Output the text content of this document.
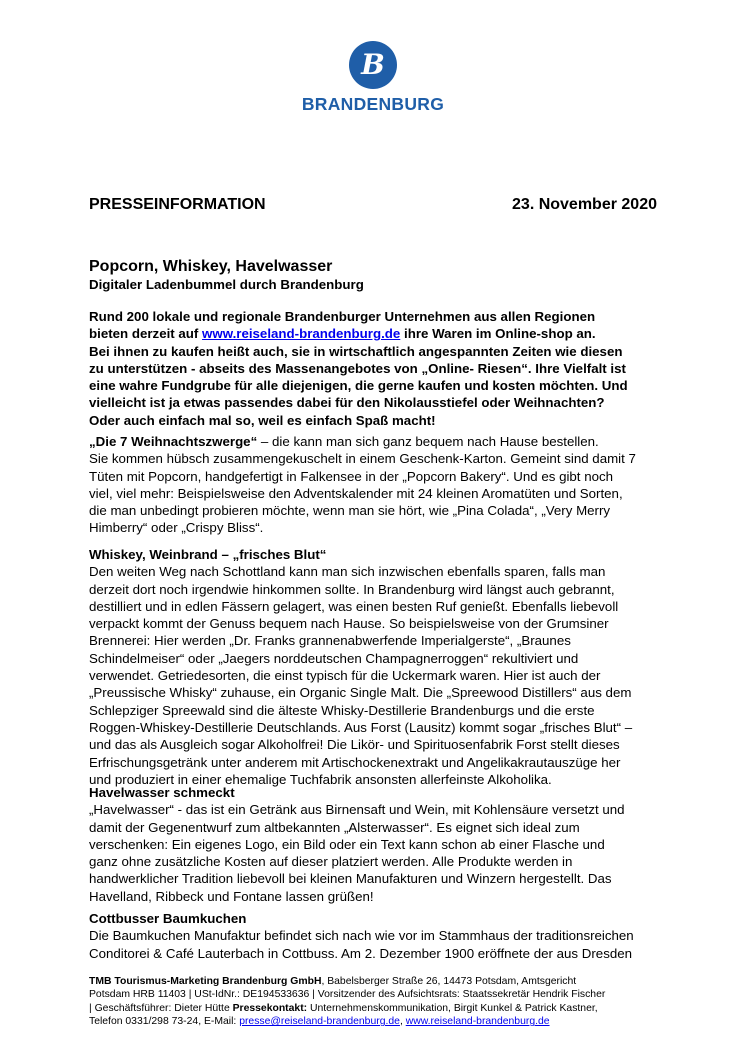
B
BRANDENBURG
PRESSEINFORMATION	23. November 2020
Popcorn, Whiskey, Havelwasser
Digitaler Ladenbummel durch Brandenburg
Rund 200 lokale und regionale Brandenburger Unternehmen aus allen Regionen
bieten derzeit auf www.reiseland-brandenburg.de ihre Waren im Online-shop an.
Bei ihnen zu kaufen heißt auch, sie in wirtschaftlich angespannten Zeiten wie diesen
zu unterstützen - abseits des Massenangebotes von „Online- Riesen“. Ihre Vielfalt ist
eine wahre Fundgrube für alle diejenigen, die gerne kaufen und kosten möchten. Und
vielleicht ist ja etwas passendes dabei für den Nikolausstiefel oder Weihnachten?
Oder auch einfach mal so, weil es einfach Spaß macht!
„Die 7 Weihnachtszwerge“ – die kann man sich ganz bequem nach Hause bestellen.
Sie kommen hübsch zusammengekuschelt in einem Geschenk-Karton. Gemeint sind damit 7
Tüten mit Popcorn, handgefertigt in Falkensee in der „Popcorn Bakery“. Und es gibt noch
viel, viel mehr: Beispielsweise den Adventskalender mit 24 kleinen Aromatüten und Sorten,
die man unbedingt probieren möchte, wenn man sie hört, wie „Pina Colada“, „Very Merry
Himberry“ oder „Crispy Bliss“.
Whiskey, Weinbrand – „frisches Blut“
Den weiten Weg nach Schottland kann man sich inzwischen ebenfalls sparen, falls man
derzeit dort noch irgendwie hinkommen sollte. In Brandenburg wird längst auch gebrannt,
destilliert und in edlen Fässern gelagert, was einen besten Ruf genießt. Ebenfalls liebevoll
verpackt kommt der Genuss bequem nach Hause. So beispielsweise von der Grumsiner
Brennerei: Hier werden „Dr. Franks grannenabwerfende Imperialgerste“, „Braunes
Schindelmeiser“ oder „Jaegers norddeutschen Champagnerroggen“ rekultiviert und
verwendet. Getriedesorten, die einst typisch für die Uckermark waren. Hier ist auch der
„Preussische Whisky“ zuhause, ein Organic Single Malt. Die „Spreewood Distillers“ aus dem
Schlepziger Spreewald sind die älteste Whisky-Destillerie Brandenburgs und die erste
Roggen-Whiskey-Destillerie Deutschlands. Aus Forst (Lausitz) kommt sogar „frisches Blut“ –
und das als Ausgleich sogar Alkoholfrei! Die Likör- und Spirituosenfabrik Forst stellt dieses
Erfrischungsgetränk unter anderem mit Artischockenextrakt und Angelikakrautauszüge her
und produziert in einer ehemalige Tuchfabrik ansonsten allerfeinste Alkoholika.
Havelwasser schmeckt
„Havelwasser“ - das ist ein Getränk aus Birnensaft und Wein, mit Kohlensäure versetzt und
damit der Gegenentwurf zum altbekannten „Alsterwasser“. Es eignet sich ideal zum
verschenken: Ein eigenes Logo, ein Bild oder ein Text kann schon ab einer Flasche und
ganz ohne zusätzliche Kosten auf dieser platziert werden. Alle Produkte werden in
handwerklicher Tradition liebevoll bei kleinen Manufakturen und Winzern hergestellt. Das
Havelland, Ribbeck und Fontane lassen grüßen!
Cottbusser Baumkuchen
Die Baumkuchen Manufaktur befindet sich nach wie vor im Stammhaus der traditionsreichen
Conditorei & Café Lauterbach in Cottbuss. Am 2. Dezember 1900 eröffnete der aus Dresden
TMB Tourismus-Marketing Brandenburg GmbH, Babelsberger Straße 26, 14473 Potsdam, Amtsgericht
Potsdam HRB 11403 | USt-IdNr.: DE194533636 | Vorsitzender des Aufsichtsrats: Staatssekretär Hendrik Fischer
| Geschäftsführer: Dieter Hütte Pressekontakt: Unternehmenskommunikation, Birgit Kunkel & Patrick Kastner,
Telefon 0331/298 73-24, E-Mail: presse@reiseland-brandenburg.de, www.reiseland-brandenburg.de
